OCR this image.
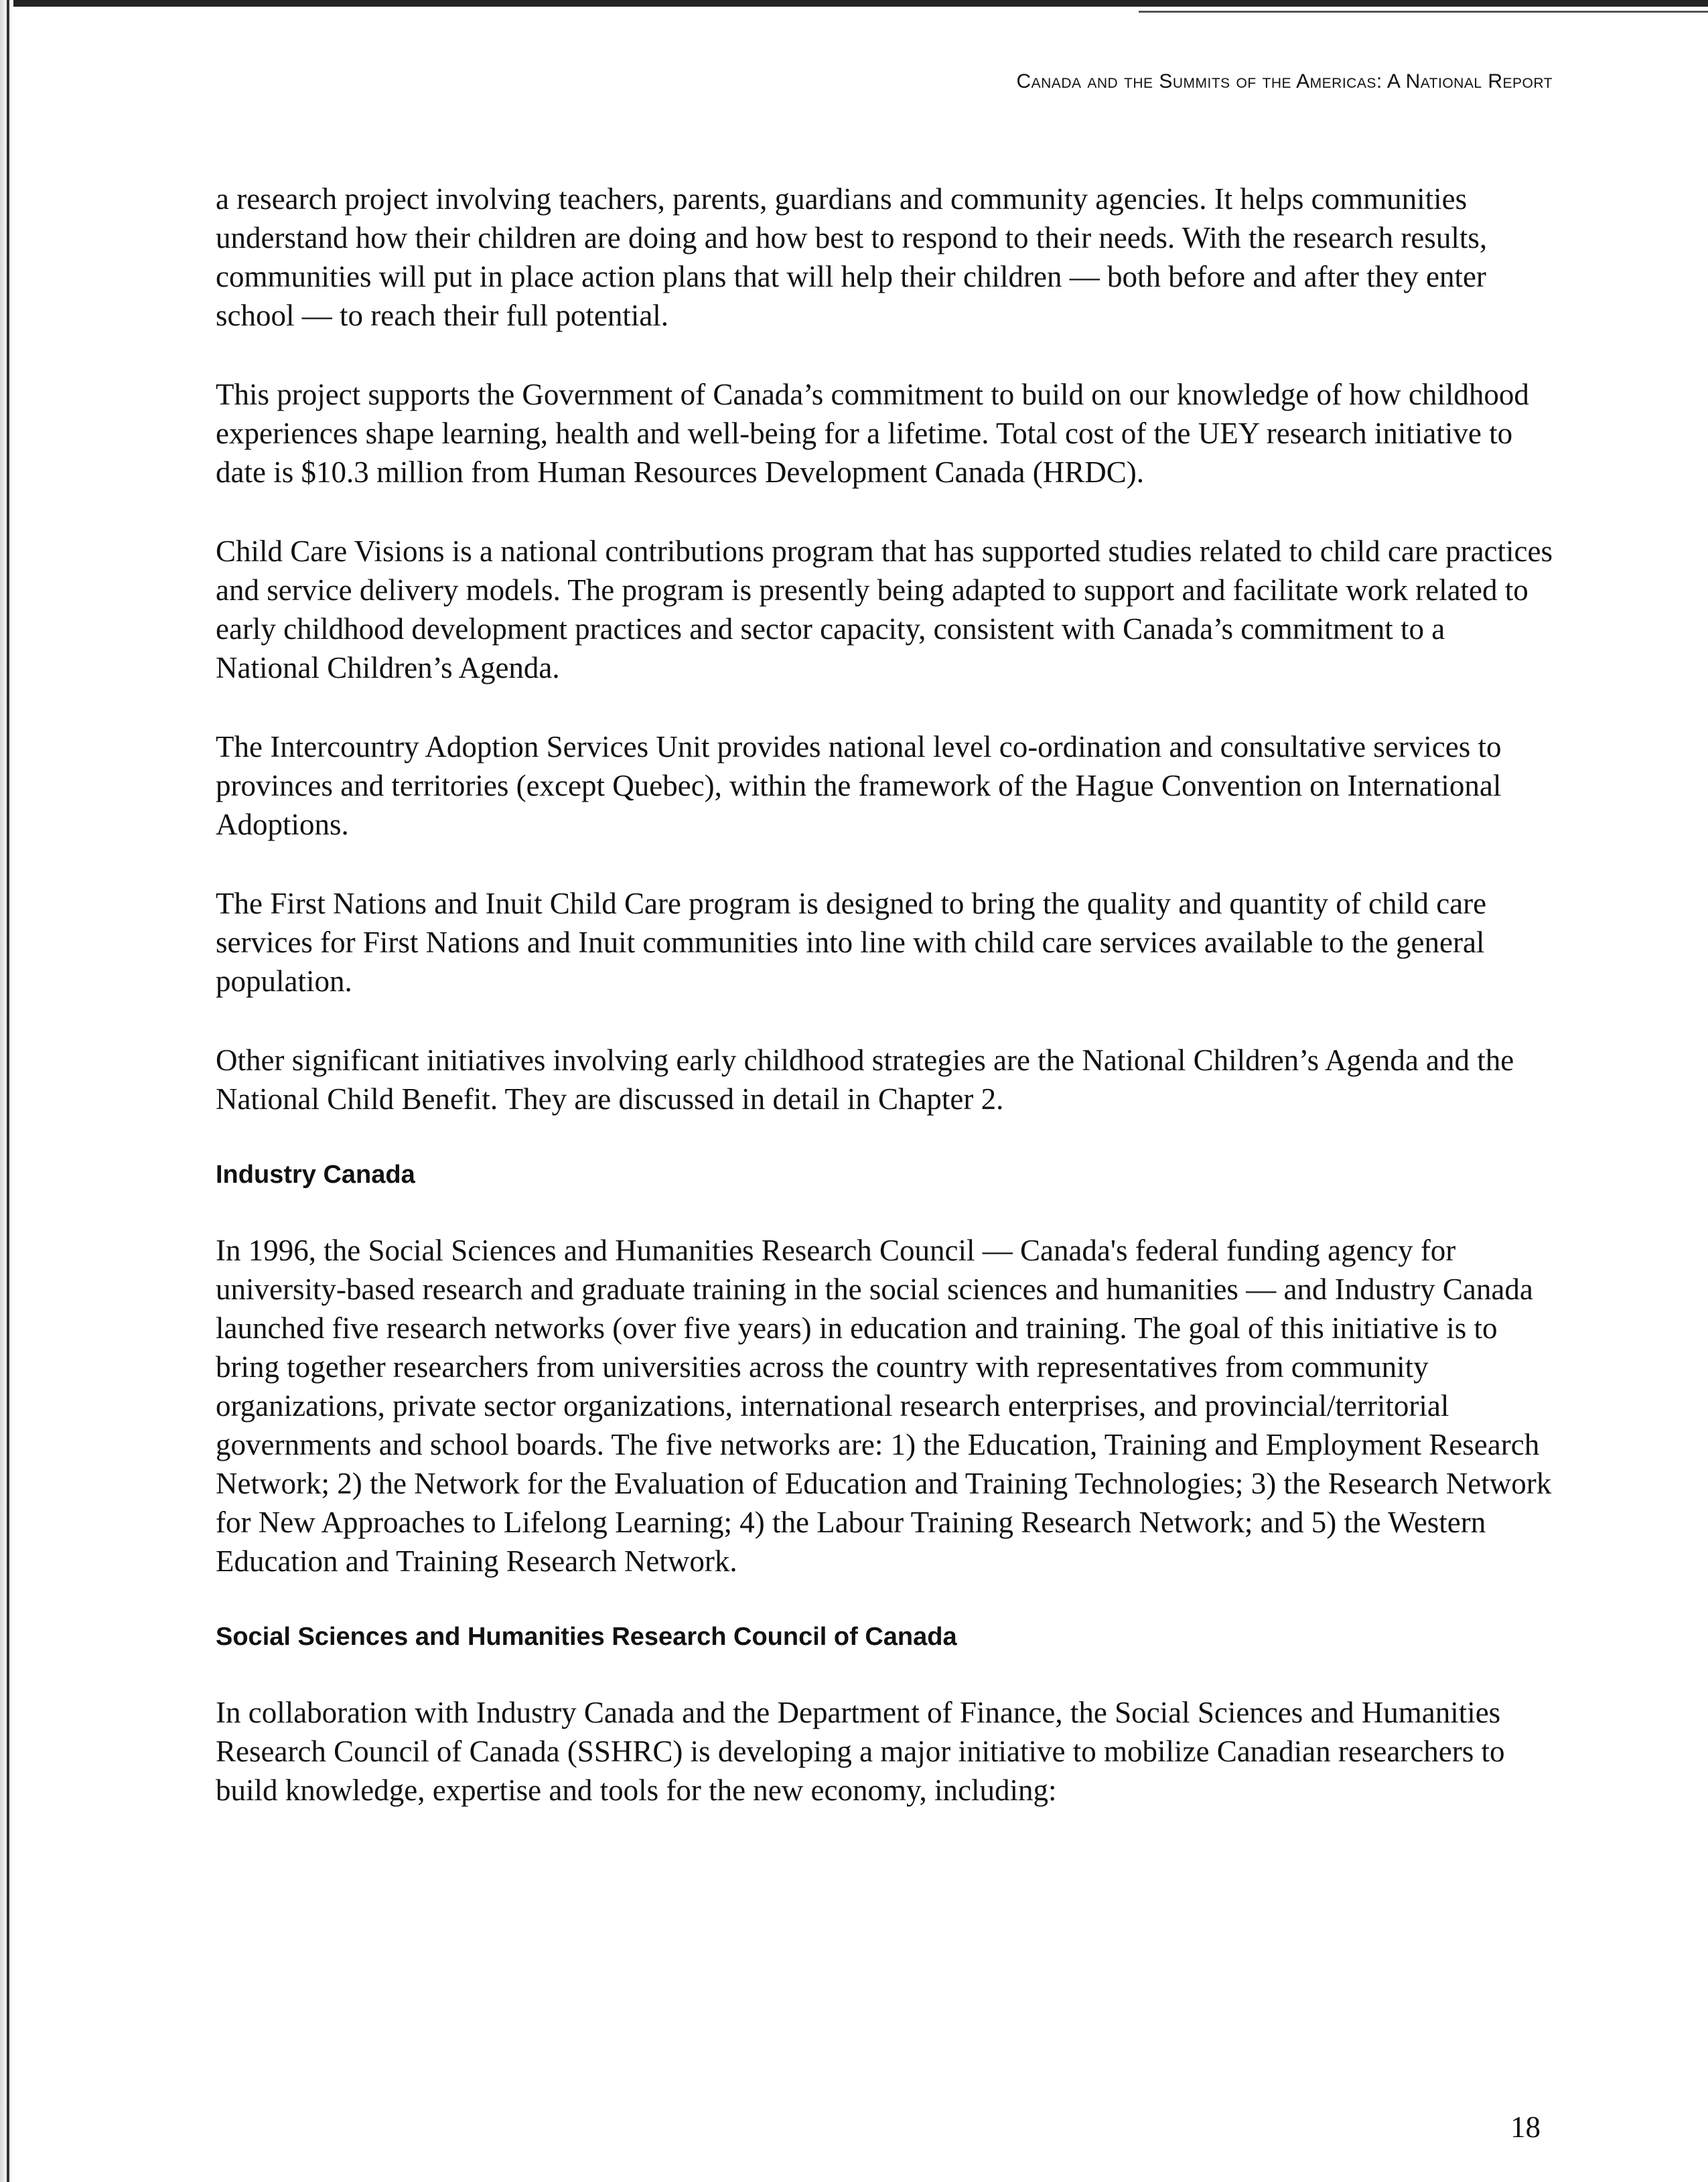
Canada and the Summits of the Americas: A National Report

a research project involving teachers, parents, guardians and community agencies. It helps communities understand how their children are doing and how best to respond to their needs. With the research results, communities will put in place action plans that will help their children — both before and after they enter school — to reach their full potential.

This project supports the Government of Canada’s commitment to build on our knowledge of how childhood experiences shape learning, health and well-being for a lifetime. Total cost of the UEY research initiative to date is $10.3 million from Human Resources Development Canada (HRDC).

Child Care Visions is a national contributions program that has supported studies related to child care practices and service delivery models. The program is presently being adapted to support and facilitate work related to early childhood development practices and sector capacity, consistent with Canada’s commitment to a National Children’s Agenda.

The Intercountry Adoption Services Unit provides national level co-ordination and consultative services to provinces and territories (except Quebec), within the framework of the Hague Convention on International Adoptions.

The First Nations and Inuit Child Care program is designed to bring the quality and quantity of child care services for First Nations and Inuit communities into line with child care services available to the general population.

Other significant initiatives involving early childhood strategies are the National Children’s Agenda and the National Child Benefit. They are discussed in detail in Chapter 2.

Industry Canada

In 1996, the Social Sciences and Humanities Research Council — Canada's federal funding agency for university-based research and graduate training in the social sciences and humanities — and Industry Canada launched five research networks (over five years) in education and training. The goal of this initiative is to bring together researchers from universities across the country with representatives from community organizations, private sector organizations, international research enterprises, and provincial/territorial governments and school boards. The five networks are: 1) the Education, Training and Employment Research Network; 2) the Network for the Evaluation of Education and Training Technologies; 3) the Research Network for New Approaches to Lifelong Learning; 4) the Labour Training Research Network; and 5) the Western Education and Training Research Network.

Social Sciences and Humanities Research Council of Canada

In collaboration with Industry Canada and the Department of Finance, the Social Sciences and Humanities Research Council of Canada (SSHRC) is developing a major initiative to mobilize Canadian researchers to build knowledge, expertise and tools for the new economy, including:

18
